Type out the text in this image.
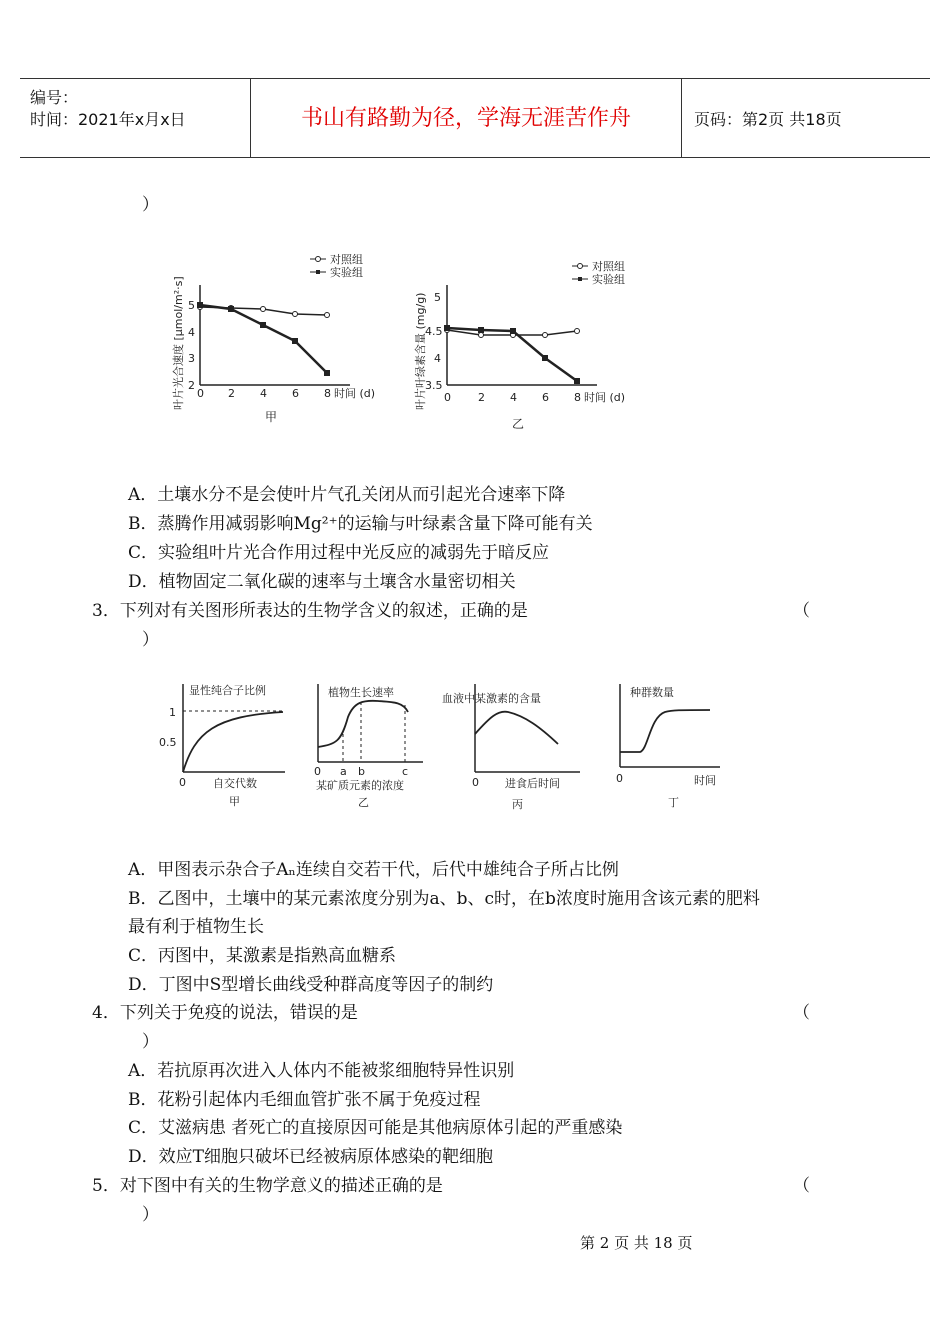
编号：
时间：2021年x月x日	书山有路勤为径，学海无涯苦作舟	页码：第2页 共18页
）
2
3
4
5
0 2 4 6 8 时间 (d)
甲
叶片光合速度 [μmol/m²·s]
对照组
实验组
3.5
4
4.5
5
0 2 4 6 8 时间 (d)
乙
叶片叶绿素含量 (mg/g)
对照组
实验组
A．土壤水分不是会使叶片气孔关闭从而引起光合速率下降
B．蒸腾作用减弱影响Mg²⁺的运输与叶绿素含量下降可能有关
C．实验组叶片光合作用过程中光反应的减弱先于暗反应
D．植物固定二氧化碳的速率与土壤含水量密切相关
3．下列对有关图形所表达的生物学含义的叙述，正确的是	（
）
显性纯合子比例
1
0.5
0 自交代数
甲
植物生长速率
0 a b	c
某矿质元素的浓度
乙
血液中某激素的含量
0 进食后时间
丙
种群数量
0	时间
丁
A．甲图表示杂合子Aₙ连续自交若干代，后代中雄纯合子所占比例
B．乙图中，土壤中的某元素浓度分别为a、b、c时，在b浓度时施用含该元素的肥料
最有利于植物生长
C．丙图中，某激素是指熟高血糖系
D．丁图中S型增长曲线受种群高度等因子的制约
4．下列关于免疫的说法，错误的是	（
）
A．若抗原再次进入人体内不能被浆细胞特异性识别
B．花粉引起体内毛细血管扩张不属于免疫过程
C．艾滋病患 者死亡的直接原因可能是其他病原体引起的严重感染
D．效应T细胞只破坏已经被病原体感染的靶细胞
5．对下图中有关的生物学意义的描述正确的是	（
）
第 2 页 共 18 页
